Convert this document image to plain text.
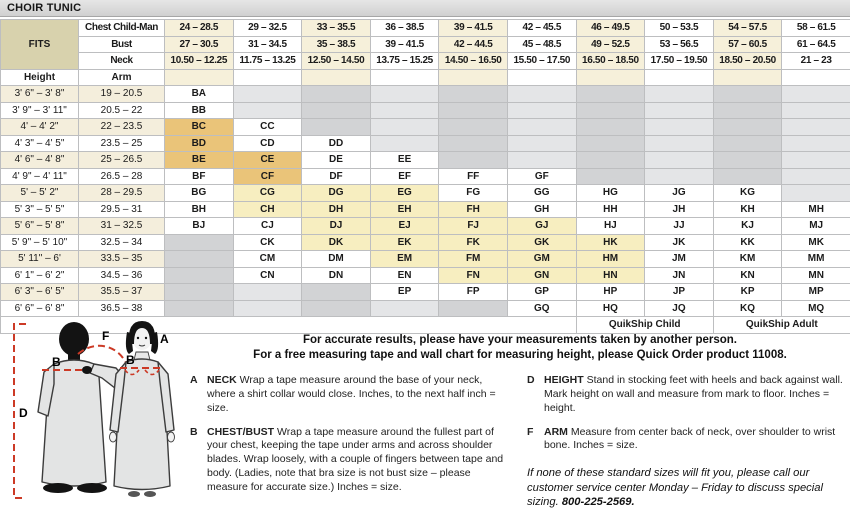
CHOIR TUNIC
FITS	Chest Child-Man	24 – 28.5	29 – 32.5	33 – 35.5	36 – 38.5	39 – 41.5	42 – 45.5	46 – 49.5	50 – 53.5	54 – 57.5	58 – 61.5
	Bust	27 – 30.5	31 – 34.5	35 – 38.5	39 – 41.5	42 – 44.5	45 – 48.5	49 – 52.5	53 – 56.5	57 – 60.5	61 – 64.5
	Neck	10.50 – 12.25	11.75 – 13.25	12.50 – 14.50	13.75 – 15.25	14.50 – 16.50	15.50 – 17.50	16.50 – 18.50	17.50 – 19.50	18.50 – 20.50	21 – 23
Height	Arm										
3' 6" – 3' 8"	19 – 20.5	BA									
3' 9" – 3' 11"	20.5 – 22	BB									
4' – 4' 2"	22 – 23.5	BC	CC								
4' 3" – 4' 5"	23.5 – 25	BD	CD	DD							
4' 6" – 4' 8"	25 – 26.5	BE	CE	DE	EE						
4' 9" – 4' 11"	26.5 – 28	BF	CF	DF	EF	FF	GF				
5' – 5' 2"	28 – 29.5	BG	CG	DG	EG	FG	GG	HG	JG	KG	
5' 3" – 5' 5"	29.5 – 31	BH	CH	DH	EH	FH	GH	HH	JH	KH	MH
5' 6" – 5' 8"	31 – 32.5	BJ	CJ	DJ	EJ	FJ	GJ	HJ	JJ	KJ	MJ
5' 9" – 5' 10"	32.5 – 34		CK	DK	EK	FK	GK	HK	JK	KK	MK
5' 11" – 6'	33.5 – 35		CM	DM	EM	FM	GM	HM	JM	KM	MM
6' 1" – 6' 2"	34.5 – 36		CN	DN	EN	FN	GN	HN	JN	KN	MN
6' 3" – 6' 5"	35.5 – 37				EP	FP	GP	HP	JP	KP	MP
6' 6" – 6' 8"	36.5 – 38						GQ	HQ	JQ	KQ	MQ
								QuikShip Child		QuikShip Adult	
D
B
F	A
B
For accurate results, please have your measurements taken by another person.
For a free measuring tape and wall chart for measuring height, please Quick Order product 11008.
A NECK Wrap a tape measure around the base of your neck, where a shirt collar would close. Inches, to the next half inch = size.
B CHEST/BUST Wrap a tape measure around the fullest part of your chest, keeping the tape under arms and across shoulder blades. Wrap loosely, with a couple of fingers between tape and body. (Ladies, note that bra size is not bust size – please measure for accurate size.) Inches = size.
D HEIGHT Stand in stocking feet with heels and back against wall. Mark height on wall and measure from mark to floor. Inches = height.
F	ARM Measure from center back of neck, over shoulder to wrist bone. Inches = size.
If none of these standard sizes will fit you, please call our customer service center Monday – Friday to discuss special sizing. 800-225-2569.
